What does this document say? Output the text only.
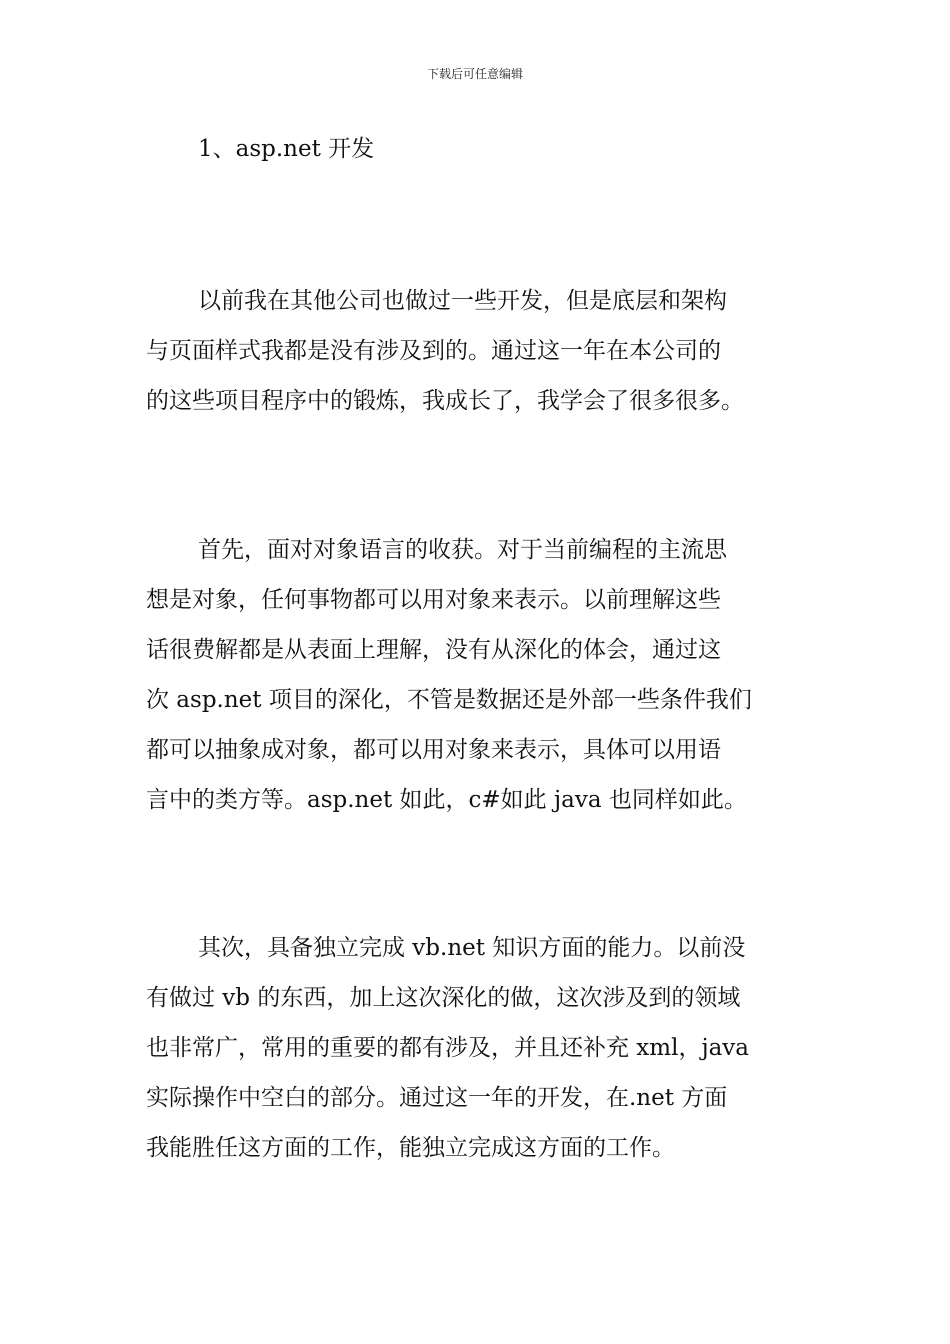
下载后可任意编辑
1、asp.net 开发
以前我在其他公司也做过一些开发，但是底层和架构
与页面样式我都是没有涉及到的。通过这一年在本公司的
的这些项目程序中的锻炼，我成长了，我学会了很多很多。
首先，面对对象语言的收获。对于当前编程的主流思
想是对象，任何事物都可以用对象来表示。以前理解这些
话很费解都是从表面上理解，没有从深化的体会，通过这
次 asp.net 项目的深化，不管是数据还是外部一些条件我们
都可以抽象成对象，都可以用对象来表示，具体可以用语
言中的类方等。asp.net 如此，c#如此 java 也同样如此。
其次，具备独立完成 vb.net 知识方面的能力。以前没
有做过 vb 的东西，加上这次深化的做，这次涉及到的领域
也非常广，常用的重要的都有涉及，并且还补充 xml，java
实际操作中空白的部分。通过这一年的开发，在.net 方面
我能胜任这方面的工作，能独立完成这方面的工作。
